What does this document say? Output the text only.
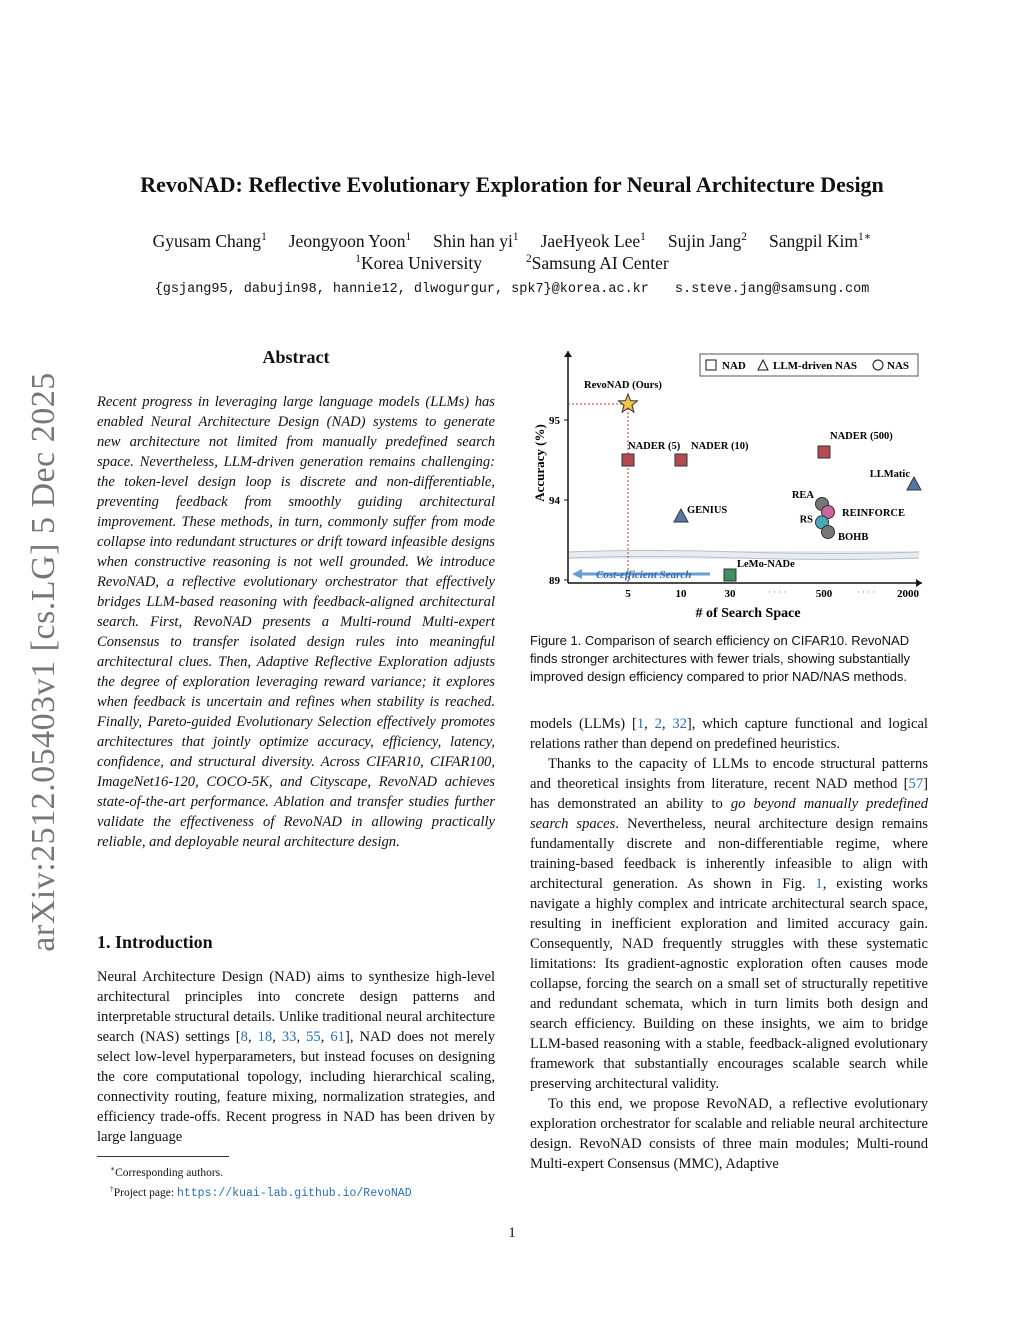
arXiv:2512.05403v1 [cs.LG] 5 Dec 2025
RevoNAD: Reflective Evolutionary Exploration for Neural Architecture Design
Gyusam Chang$^1$ Jeongyoon Yoon$^1$ Shin han $yi^1$ JaeHyeok Lee$^1$ Sujin Jang$^2$ Sangpil Kim$^{1∗}$
$^1$Korea University	$^2$Samsung AI Center
{gsjang95, dabujin98, hannie12, dlwogurgur, spk7}@korea.ac.kr s.steve.jang@samsung.com
Abstract
Recent progress in leveraging large language models (LLMs) has enabled Neural Architecture Design (NAD) systems to generate new architecture not limited from manually predefined search space. Nevertheless, LLM-driven generation remains challenging: the token-level design loop is discrete and non-differentiable, preventing feedback from smoothly guiding architectural improvement. These methods, in turn, commonly suffer from mode collapse into redundant structures or drift toward infeasible designs when constructive reasoning is not well grounded. We introduce RevoNAD, a reflective evolutionary orchestrator that effectively bridges LLM-based reasoning with feedback-aligned architectural search. First, RevoNAD presents a Multi-round Multi-expert Consensus to transfer isolated design rules into meaningful architectural clues. Then, Adaptive Reflective Exploration adjusts the degree of exploration leveraging reward variance; it explores when feedback is uncertain and refines when stability is reached. Finally, Pareto-guided Evolutionary Selection effectively promotes architectures that jointly optimize accuracy, efficiency, latency, confidence, and structural diversity. Across CIFAR10, CIFAR100, ImageNet16-120, COCO-5K, and Cityscape, RevoNAD achieves state-of-the-art performance. Ablation and transfer studies further validate the effectiveness of RevoNAD in allowing practically reliable, and deployable neural architecture design.
1. Introduction
Neural Architecture Design (NAD) aims to synthesize high-level architectural principles into concrete design patterns and interpretable structural details. Unlike traditional neural architecture search (NAS) settings [8, 18, 33, 55, 61], NAD does not merely select low-level hyperparameters, but instead focuses on designing the core computational topology, including hierarchical scaling, connectivity routing, feature mixing, normalization strategies, and efficiency trade-offs. Recent progress in NAD has been driven by large language
∗Corresponding authors.
†Project page: https://kuai-lab.github.io/RevoNAD
89
94
95
5	10	30	500	2000
· · · ·	· · · ·
# of Search Space
Accuracy (%)
NAD LLM-driven NAS	NAS
Cost-efficient Search
RevoNAD (Ours)
NADER (5) NADER (10)
NADER (500)
GENIUS
LLMatic
LeMo-NADe
REA
REINFORCE
RS
BOHB
Figure 1. Comparison of search efficiency on CIFAR10. RevoNAD finds stronger architectures with fewer trials, showing substantially improved design efficiency compared to prior NAD/NAS methods.

models (LLMs) [1, 2, 32], which capture functional and logical relations rather than depend on predefined heuristics.

Thanks to the capacity of LLMs to encode structural patterns and theoretical insights from literature, recent NAD method [57] has demonstrated an ability to go beyond manually predefined search spaces. Nevertheless, neural architecture design remains fundamentally discrete and non-differentiable regime, where training-based feedback is inherently infeasible to align with architectural generation. As shown in Fig. 1, existing works navigate a highly complex and intricate architectural search space, resulting in inefficient exploration and limited accuracy gain. Consequently, NAD frequently struggles with these systematic limitations: Its gradient-agnostic exploration often causes mode collapse, forcing the search on a small set of structurally repetitive and redundant schemata, which in turn limits both design and search efficiency. Building on these insights, we aim to bridge LLM-based reasoning with a stable, feedback-aligned evolutionary framework that substantially encourages scalable search while preserving architectural validity.

To this end, we propose RevoNAD, a reflective evolutionary exploration orchestrator for scalable and reliable neural architecture design. RevoNAD consists of three main modules; Multi-round Multi-expert Consensus (MMC), Adaptive

1
